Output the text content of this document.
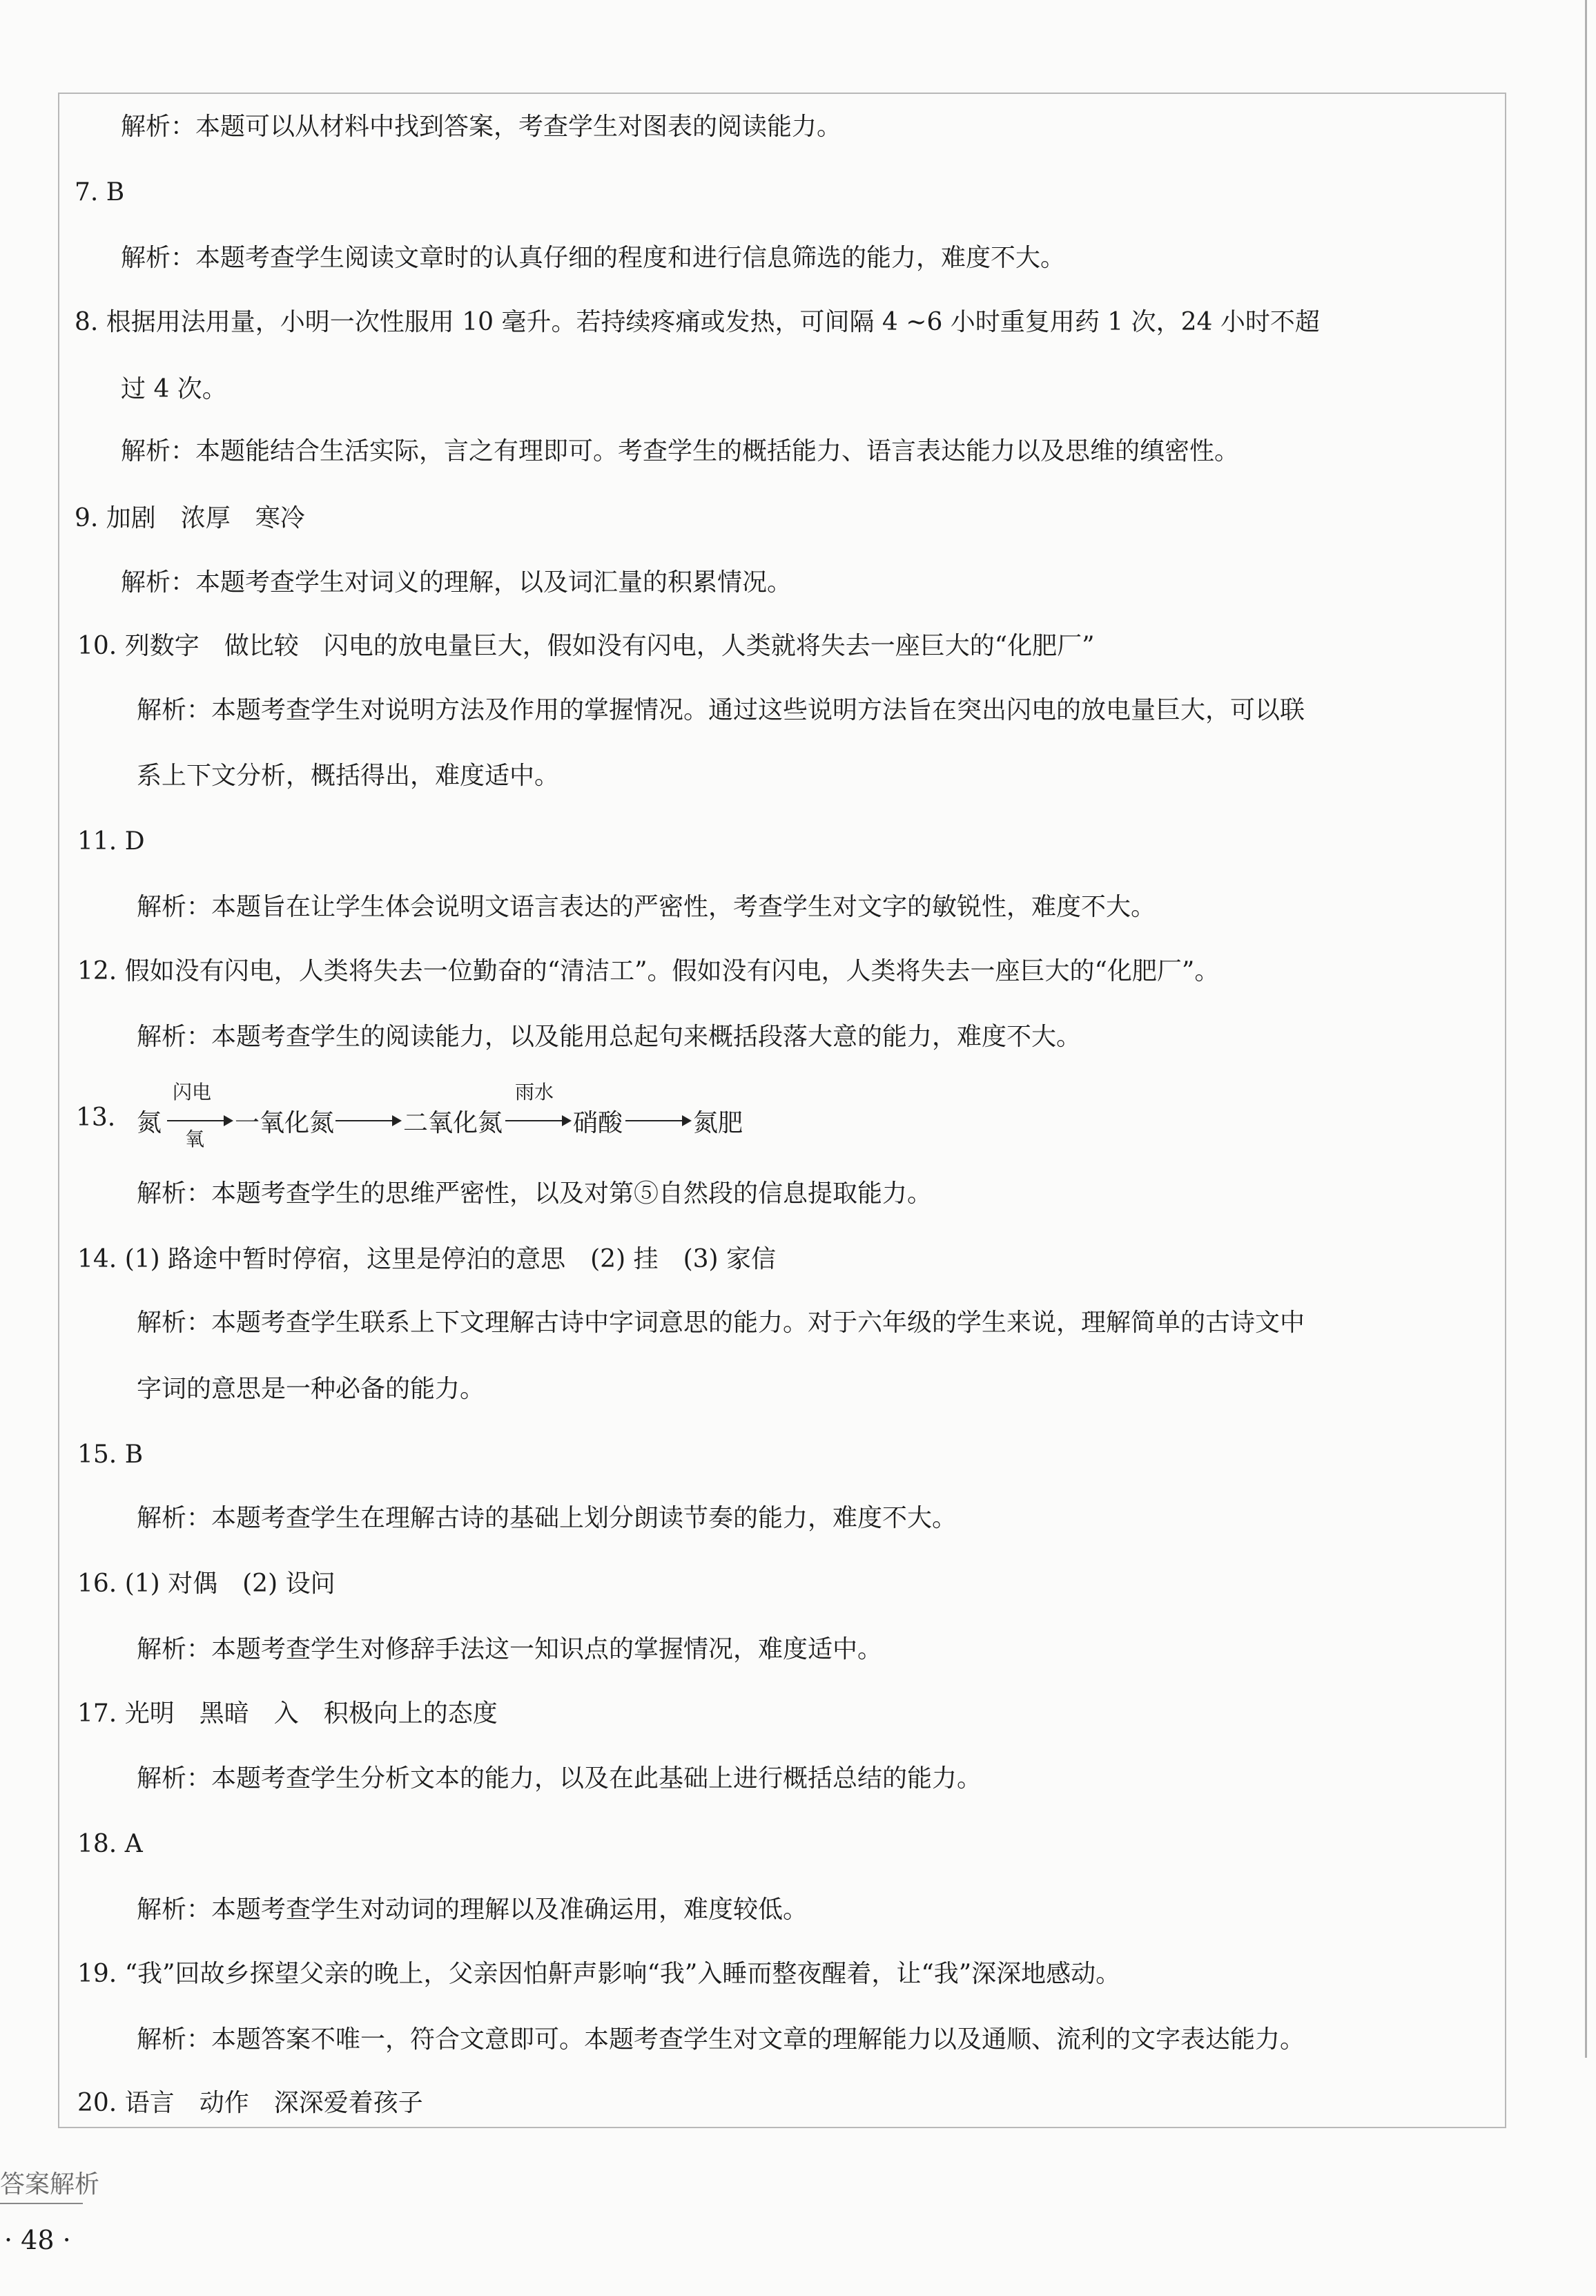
解析：本题可以从材料中找到答案，考查学生对图表的阅读能力。
7. B
解析：本题考查学生阅读文章时的认真仔细的程度和进行信息筛选的能力，难度不大。
8. 根据用法用量，小明一次性服用 10 毫升。若持续疼痛或发热，可间隔 4 ~6 小时重复用药 1 次，24 小时不超
过 4 次。
解析：本题能结合生活实际，言之有理即可。考查学生的概括能力、语言表达能力以及思维的缜密性。
9. 加剧　浓厚　寒冷
解析：本题考查学生对词义的理解，以及词汇量的积累情况。
10. 列数字　做比较　闪电的放电量巨大，假如没有闪电，人类就将失去一座巨大的“化肥厂”
解析：本题考查学生对说明方法及作用的掌握情况。通过这些说明方法旨在突出闪电的放电量巨大，可以联
系上下文分析，概括得出，难度适中。
11. D
解析：本题旨在让学生体会说明文语言表达的严密性，考查学生对文字的敏锐性，难度不大。
12. 假如没有闪电，人类将失去一位勤奋的“清洁工”。假如没有闪电，人类将失去一座巨大的“化肥厂”。
解析：本题考查学生的阅读能力，以及能用总起句来概括段落大意的能力，难度不大。
解析：本题考查学生的思维严密性，以及对第⑤自然段的信息提取能力。
14. (1) 路途中暂时停宿，这里是停泊的意思　(2) 挂　(3) 家信
解析：本题考查学生联系上下文理解古诗中字词意思的能力。对于六年级的学生来说，理解简单的古诗文中
字词的意思是一种必备的能力。
15. B
解析：本题考查学生在理解古诗的基础上划分朗读节奏的能力，难度不大。
16. (1) 对偶　(2) 设问
解析：本题考查学生对修辞手法这一知识点的掌握情况，难度适中。
17. 光明　黑暗　入　积极向上的态度
解析：本题考查学生分析文本的能力，以及在此基础上进行概括总结的能力。
18. A
解析：本题考查学生对动词的理解以及准确运用，难度较低。
19. “我”回故乡探望父亲的晚上，父亲因怕鼾声影响“我”入睡而整夜醒着，让“我”深深地感动。
解析：本题答案不唯一，符合文意即可。本题考查学生对文章的理解能力以及通顺、流利的文字表达能力。
20. 语言　动作　深深爱着孩子
13. 氮
闪电
氧
一氧化氮	二氧化氮
雨水
硝酸	氮肥
答案解析
· 48 ·
